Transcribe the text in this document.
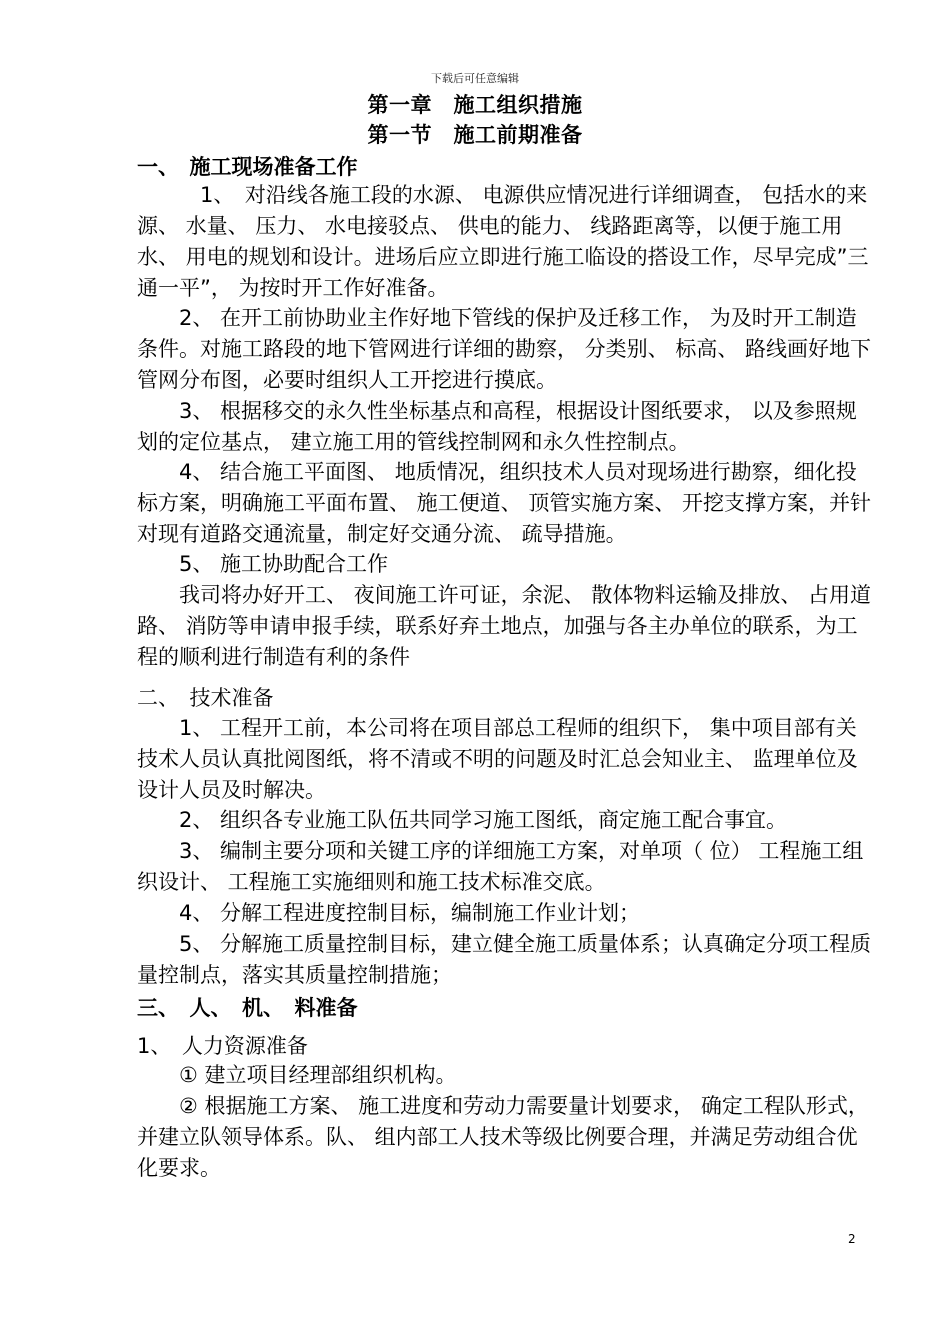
下载后可任意编辑
第一章　施工组织措施
第一节　施工前期准备
一、　施工现场准备工作

　1、　对沿线各施工段的水源、 电源供应情况进行详细调查， 包括水的来源、 水量、 压力、 水电接驳点、 供电的能力、 线路距离等，以便于施工用水、 用电的规划和设计。进场后应立即进行施工临设的搭设工作，尽早完成”三通一平”， 为按时开工作好准备。

2、 在开工前协助业主作好地下管线的保护及迁移工作， 为及时开工制造条件。对施工路段的地下管网进行详细的勘察， 分类别、 标高、 路线画好地下管网分布图，必要时组织人工开挖进行摸底。

3、 根据移交的永久性坐标基点和高程，根据设计图纸要求， 以及参照规划的定位基点， 建立施工用的管线控制网和永久性控制点。

4、 结合施工平面图、 地质情况，组织技术人员对现场进行勘察，细化投标方案，明确施工平面布置、 施工便道、 顶管实施方案、 开挖支撑方案，并针对现有道路交通流量，制定好交通分流、 疏导措施。

5、 施工协助配合工作

我司将办好开工、 夜间施工许可证，余泥、 散体物料运输及排放、 占用道路、 消防等申请申报手续，联系好弃土地点，加强与各主办单位的联系，为工程的顺利进行制造有利的条件

二、　技术准备

1、 工程开工前，本公司将在项目部总工程师的组织下， 集中项目部有关技术人员认真批阅图纸，将不清或不明的问题及时汇总会知业主、 监理单位及设计人员及时解决。

2、 组织各专业施工队伍共同学习施工图纸，商定施工配合事宜。

3、 编制主要分项和关键工序的详细施工方案，对单项（ 位） 工程施工组织设计、 工程施工实施细则和施工技术标准交底。

4、 分解工程进度控制目标，编制施工作业计划；

5、 分解施工质量控制目标，建立健全施工质量体系；认真确定分项工程质量控制点，落实其质量控制措施；

三、　人、　机、　料准备
1、　人力资源准备

① 建立项目经理部组织机构。

② 根据施工方案、 施工进度和劳动力需要量计划要求， 确定工程队形式， 并建立队领导体系。队、 组内部工人技术等级比例要合理，并满足劳动组合优化要求。

2
